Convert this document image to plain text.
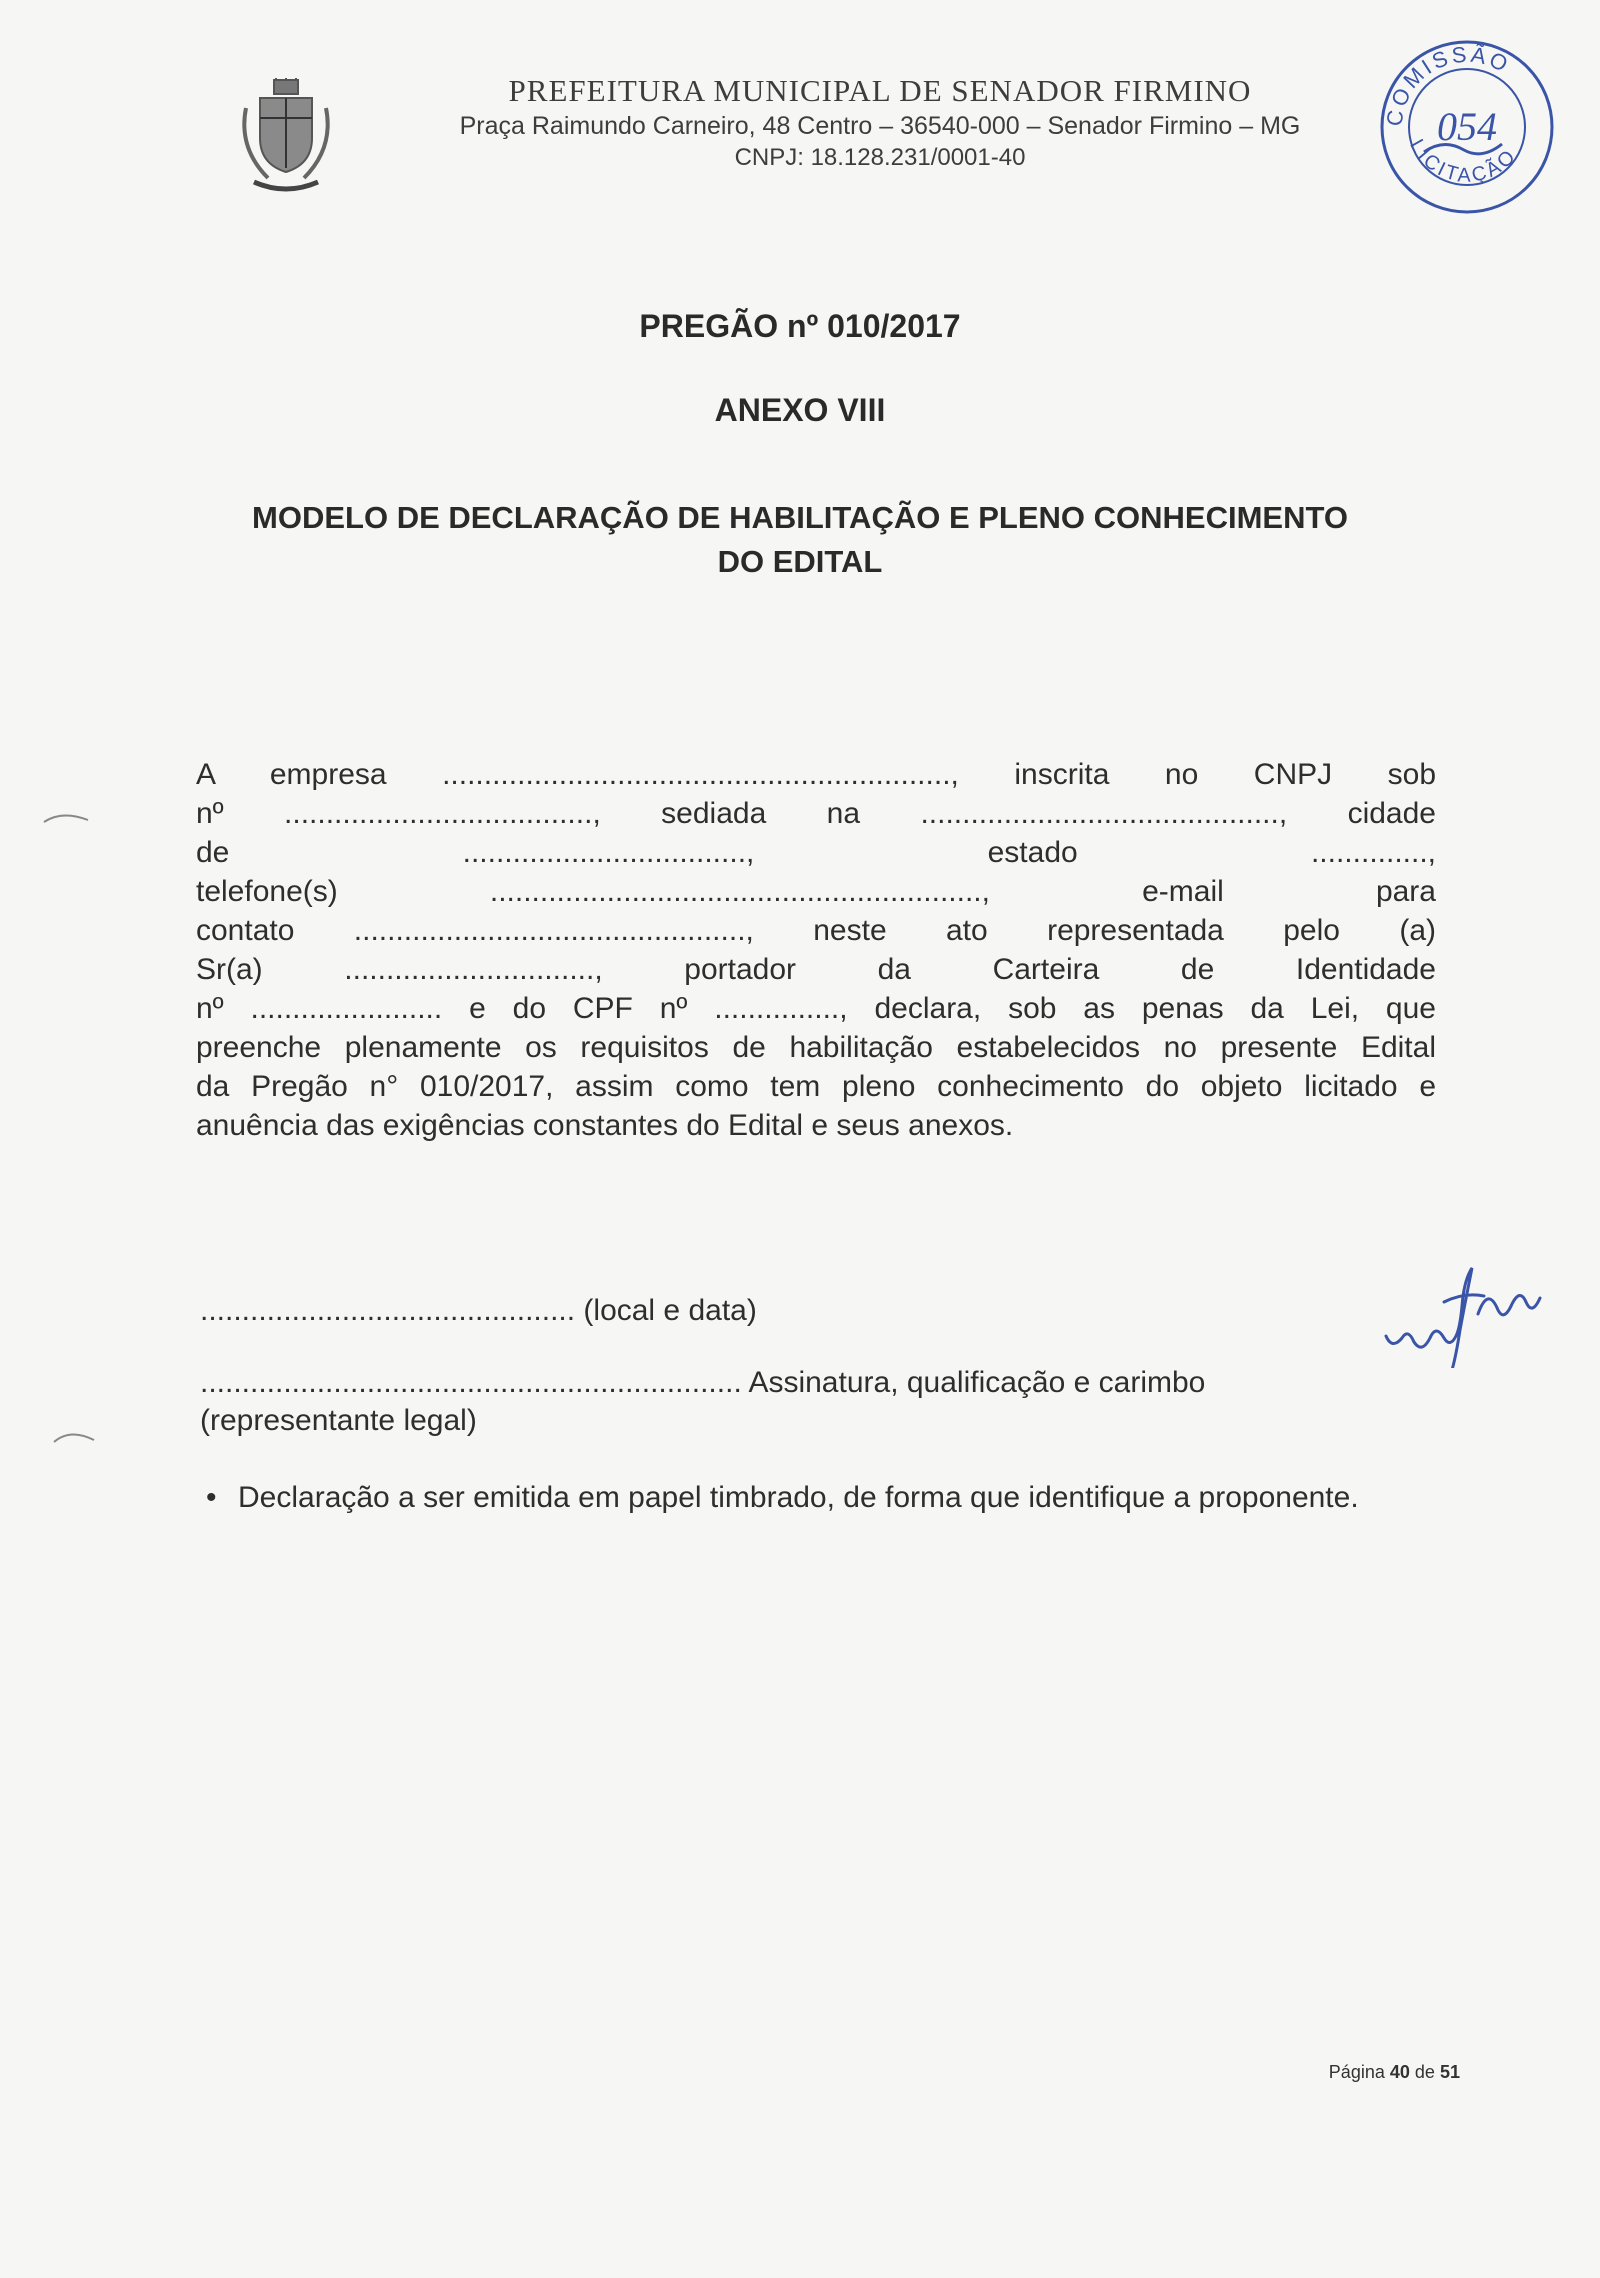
PREFEITURA MUNICIPAL DE SENADOR FIRMINO
Praça Raimundo Carneiro, 48 Centro – 36540-000 – Senador Firmino – MG
CNPJ: 18.128.231/0001-40
COMISSÃO
LICITAÇÃO
054
PREGÃO nº 010/2017
ANEXO VIII
MODELO DE DECLARAÇÃO DE HABILITAÇÃO E PLENO CONHECIMENTO
DO EDITAL
A empresa ............................................................., inscrita no CNPJ sob
nº ....................................., sediada na ..........................................., cidade
de .................................., estado ..............,
telefone(s) ..........................................................., e-mail para
contato ..............................................., neste ato representada pelo (a)
Sr(a) .............................., portador da Carteira de Identidade
nº ....................... e do CPF nº ..............., declara, sob as penas da Lei, que
preenche plenamente os requisitos de habilitação estabelecidos no presente Edital
da Pregão n° 010/2017, assim como tem pleno conhecimento do objeto licitado e
anuência das exigências constantes do Edital e seus anexos.
............................................. (local e data)
................................................................. Assinatura, qualificação e carimbo
(representante legal)
• Declaração a ser emitida em papel timbrado, de forma que identifique a proponente.
Página 40 de 51
